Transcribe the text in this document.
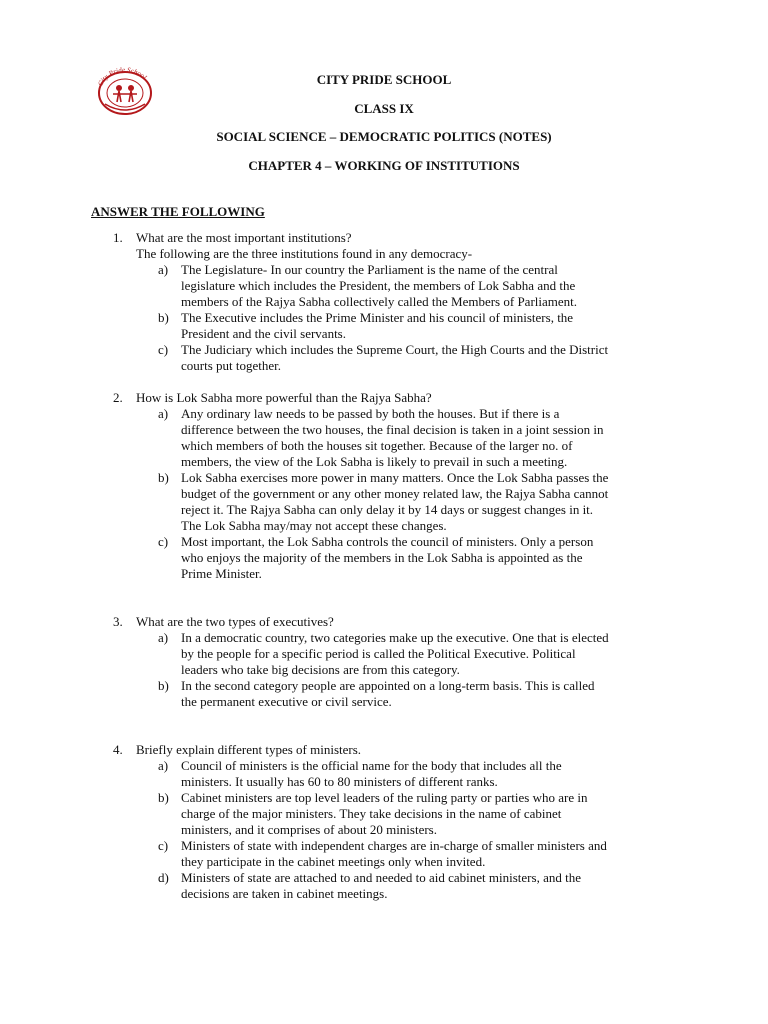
City Pride School	CITY PRIDE SCHOOL
CLASS IX
SOCIAL SCIENCE – DEMOCRATIC POLITICS (NOTES)
CHAPTER 4 – WORKING OF INSTITUTIONS
ANSWER THE FOLLOWING
1. What are the most important institutions?
The following are the three institutions found in any democracy-
a) The Legislature- In our country the Parliament is the name of the central
legislature which includes the President, the members of Lok Sabha and the
members of the Rajya Sabha collectively called the Members of Parliament.
b) The Executive includes the Prime Minister and his council of ministers, the
President and the civil servants.
c) The Judiciary which includes the Supreme Court, the High Courts and the District
courts put together.
2. How is Lok Sabha more powerful than the Rajya Sabha?
a) Any ordinary law needs to be passed by both the houses. But if there is a
difference between the two houses, the final decision is taken in a joint session in
which members of both the houses sit together. Because of the larger no. of
members, the view of the Lok Sabha is likely to prevail in such a meeting.
b) Lok Sabha exercises more power in many matters. Once the Lok Sabha passes the
budget of the government or any other money related law, the Rajya Sabha cannot
reject it. The Rajya Sabha can only delay it by 14 days or suggest changes in it.
The Lok Sabha may/may not accept these changes.
c) Most important, the Lok Sabha controls the council of ministers. Only a person
who enjoys the majority of the members in the Lok Sabha is appointed as the
Prime Minister.
3. What are the two types of executives?
a) In a democratic country, two categories make up the executive. One that is elected
by the people for a specific period is called the Political Executive. Political
leaders who take big decisions are from this category.
b) In the second category people are appointed on a long-term basis. This is called
the permanent executive or civil service.
4. Briefly explain different types of ministers.
a) Council of ministers is the official name for the body that includes all the
ministers. It usually has 60 to 80 ministers of different ranks.
b) Cabinet ministers are top level leaders of the ruling party or parties who are in
charge of the major ministers. They take decisions in the name of cabinet
ministers, and it comprises of about 20 ministers.
c) Ministers of state with independent charges are in-charge of smaller ministers and
they participate in the cabinet meetings only when invited.
d) Ministers of state are attached to and needed to aid cabinet ministers, and the
decisions are taken in cabinet meetings.
